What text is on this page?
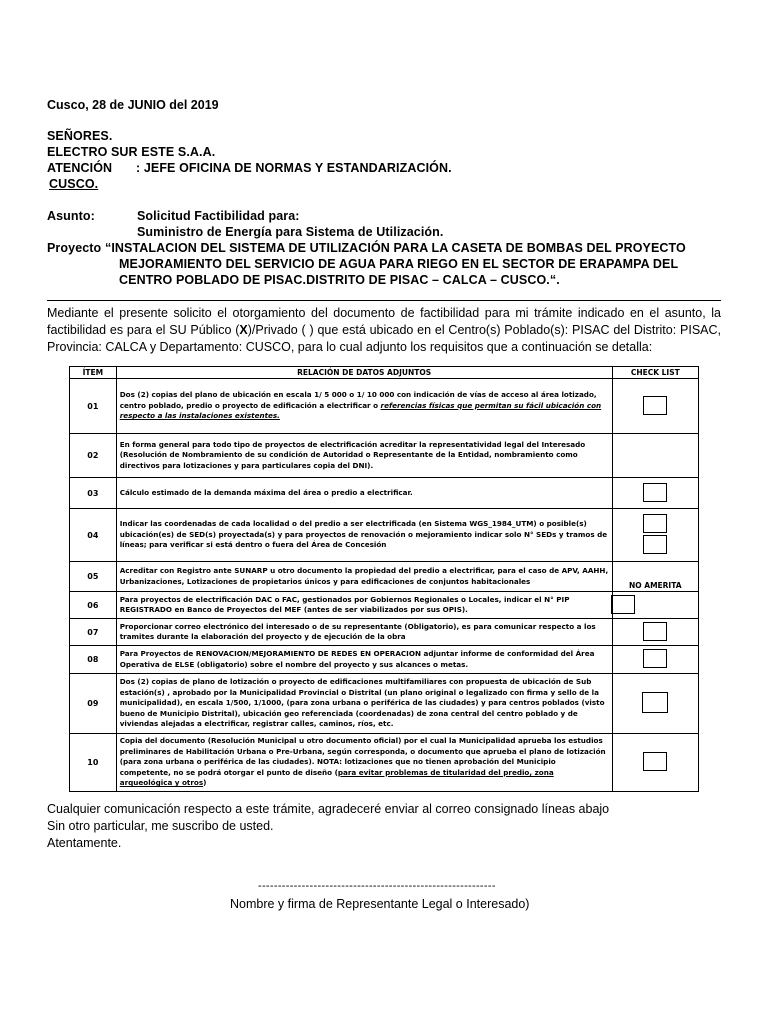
Cusco, 28 de JUNIO del 2019
SEÑORES.
ELECTRO SUR ESTE S.A.A.
ATENCIÓN : JEFE OFICINA DE NORMAS Y ESTANDARIZACIÓN.
CUSCO.
Asunto:	Solicitud Factibilidad para:
Suministro de Energía para Sistema de Utilización.
Proyecto “INSTALACION DEL SISTEMA DE UTILIZACIÓN PARA LA CASETA DE BOMBAS DEL PROYECTO
MEJORAMIENTO DEL SERVICIO DE AGUA PARA RIEGO EN EL SECTOR DE ERAPAMPA DEL
CENTRO POBLADO DE PISAC.DISTRITO DE PISAC – CALCA – CUSCO.“.
Mediante el presente solicito el otorgamiento del documento de factibilidad para mi trámite indicado en el asunto, la factibilidad es para el SU Público (X)/Privado ( ) que está ubicado en el Centro(s) Poblado(s): PISAC del Distrito: PISAC, Provincia: CALCA y Departamento: CUSCO, para lo cual adjunto los requisitos que a continuación se detalla:
ÍTEM	RELACIÓN DE DATOS ADJUNTOS	CHECK LIST
01	Dos (2) copias del plano de ubicación en escala 1/ 5 000 o 1/ 10 000 con indicación de vías de acceso al área lotizado, centro poblado, predio o proyecto de edificación a electrificar o referencias físicas que permitan su fácil ubicación con respecto a las instalaciones existentes.	
02	En forma general para todo tipo de proyectos de electrificación acreditar la representatividad legal del Interesado (Resolución de Nombramiento de su condición de Autoridad o Representante de la Entidad, nombramiento como directivos para lotizaciones y para particulares copia del DNI).	
03	Cálculo estimado de la demanda máxima del área o predio a electrificar.	
04	Indicar las coordenadas de cada localidad o del predio a ser electrificada (en Sistema WGS_1984_UTM) o posible(s) ubicación(es) de SED(s) proyectada(s) y para proyectos de renovación o mejoramiento indicar solo N° SEDs y tramos de líneas; para verificar si está dentro o fuera del Área de Concesión	

05	Acreditar con Registro ante SUNARP u otro documento la propiedad del predio a electrificar, para el caso de APV, AAHH, Urbanizaciones, Lotizaciones de propietarios únicos y para edificaciones de conjuntos habitacionales	NO AMERITA
06	Para proyectos de electrificación DAC o FAC, gestionados por Gobiernos Regionales o Locales, indicar el N° PIP REGISTRADO en Banco de Proyectos del MEF (antes de ser viabilizados por sus OPIS).	
07	Proporcionar correo electrónico del interesado o de su representante (Obligatorio), es para comunicar respecto a los tramites durante la elaboración del proyecto y de ejecución de la obra	
08	Para Proyectos de RENOVACION/MEJORAMIENTO DE REDES EN OPERACION adjuntar informe de conformidad del Área Operativa de ELSE (obligatorio) sobre el nombre del proyecto y sus alcances o metas.	
09	Dos (2) copias de plano de lotización o proyecto de edificaciones multifamiliares con propuesta de ubicación de Sub estación(s) , aprobado por la Municipalidad Provincial o Distrital (un plano original o legalizado con firma y sello de la municipalidad), en escala 1/500, 1/1000, (para zona urbana o periférica de las ciudades) y para centros poblados (visto bueno de Municipio Distrital), ubicación geo referenciada (coordenadas) de zona central del centro poblado y de viviendas alejadas a electrificar, registrar calles, caminos, ríos, etc.	
10	Copia del documento (Resolución Municipal u otro documento oficial) por el cual la Municipalidad aprueba los estudios preliminares de Habilitación Urbana o Pre-Urbana, según corresponda, o documento que aprueba el plano de lotización (para zona urbana o periférica de las ciudades). NOTA: lotizaciones que no tienen aprobación del Municipio competente, no se podrá otorgar el punto de diseño (para evitar problemas de titularidad del predio, zona arqueológica y otros)	
Cualquier comunicación respecto a este trámite, agradeceré enviar al correo consignado líneas abajo
Sin otro particular, me suscribo de usted.
Atentamente.
------------------------------------------------------------
Nombre y firma de Representante Legal o Interesado)
